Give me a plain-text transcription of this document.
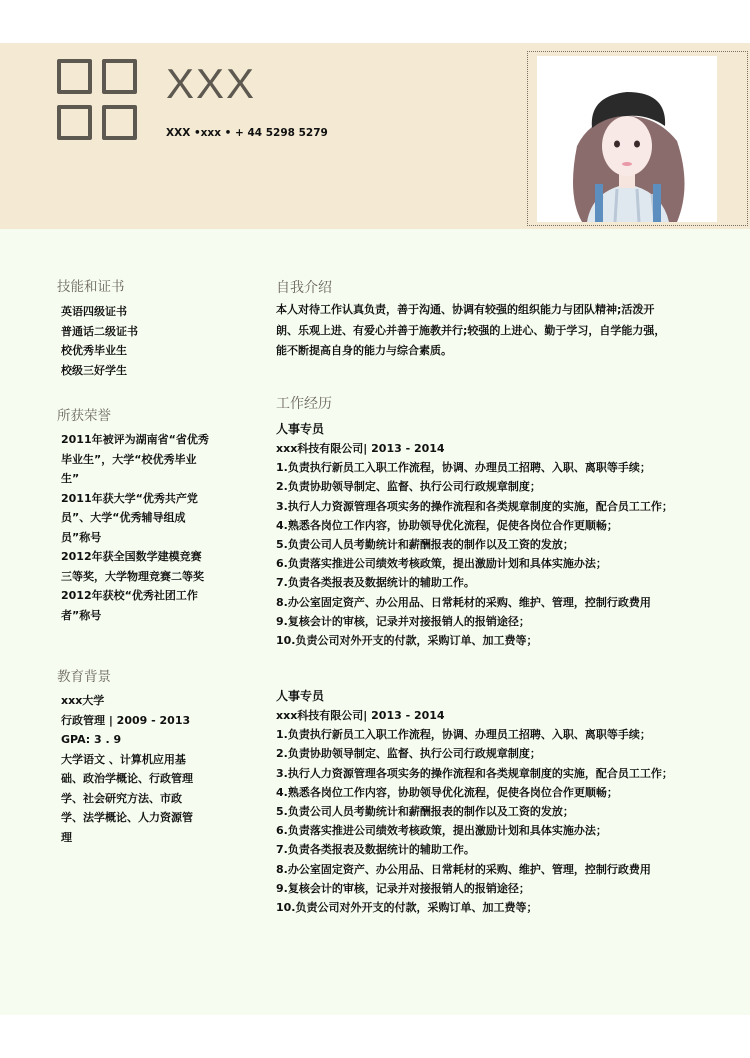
XXX
XXX •xxx • + 44 5298 5279
技能和证书
英语四级证书
普通话二级证书
校优秀毕业生
校级三好学生
所获荣誉
2011年被评为湖南省“省优秀毕业生”，大学“校优秀毕业生”
2011年获大学“优秀共产党员”、大学“优秀辅导组成员”称号
2012年获全国数学建模竞赛三等奖，大学物理竞赛二等奖
2012年获校“优秀社团工作者”称号
教育背景
xxx大学
行政管理 | 2009 - 2013
GPA: 3 . 9
大学语文 、计算机应用基础、政治学概论、行政管理学、社会研究方法、市政学、法学概论、人力资源管理
自我介绍
本人对待工作认真负责，善于沟通、协调有较强的组织能力与团队精神;活泼开朗、乐观上进、有爱心并善于施教并行;较强的上进心、勤于学习，自学能力强，能不断提高自身的能力与综合素质。
工作经历
人事专员
xxx科技有限公司| 2013 - 2014
1.负责执行新员工入职工作流程，协调、办理员工招聘、入职、离职等手续；
2.负责协助领导制定、监督、执行公司行政规章制度；
3.执行人力资源管理各项实务的操作流程和各类规章制度的实施，配合员工工作；
4.熟悉各岗位工作内容，协助领导优化流程，促使各岗位合作更顺畅；
5.负责公司人员考勤统计和薪酬报表的制作以及工资的发放；
6.负责落实推进公司绩效考核政策，提出激励计划和具体实施办法；
7.负责各类报表及数据统计的辅助工作。
8.办公室固定资产、办公用品、日常耗材的采购、维护、管理，控制行政费用
9.复核会计的审核，记录并对接报销人的报销途径；
10.负责公司对外开支的付款，采购订单、加工费等；
人事专员
xxx科技有限公司| 2013 - 2014
1.负责执行新员工入职工作流程，协调、办理员工招聘、入职、离职等手续；
2.负责协助领导制定、监督、执行公司行政规章制度；
3.执行人力资源管理各项实务的操作流程和各类规章制度的实施，配合员工工作；
4.熟悉各岗位工作内容，协助领导优化流程，促使各岗位合作更顺畅；
5.负责公司人员考勤统计和薪酬报表的制作以及工资的发放；
6.负责落实推进公司绩效考核政策，提出激励计划和具体实施办法；
7.负责各类报表及数据统计的辅助工作。
8.办公室固定资产、办公用品、日常耗材的采购、维护、管理，控制行政费用
9.复核会计的审核，记录并对接报销人的报销途径；
10.负责公司对外开支的付款，采购订单、加工费等；
